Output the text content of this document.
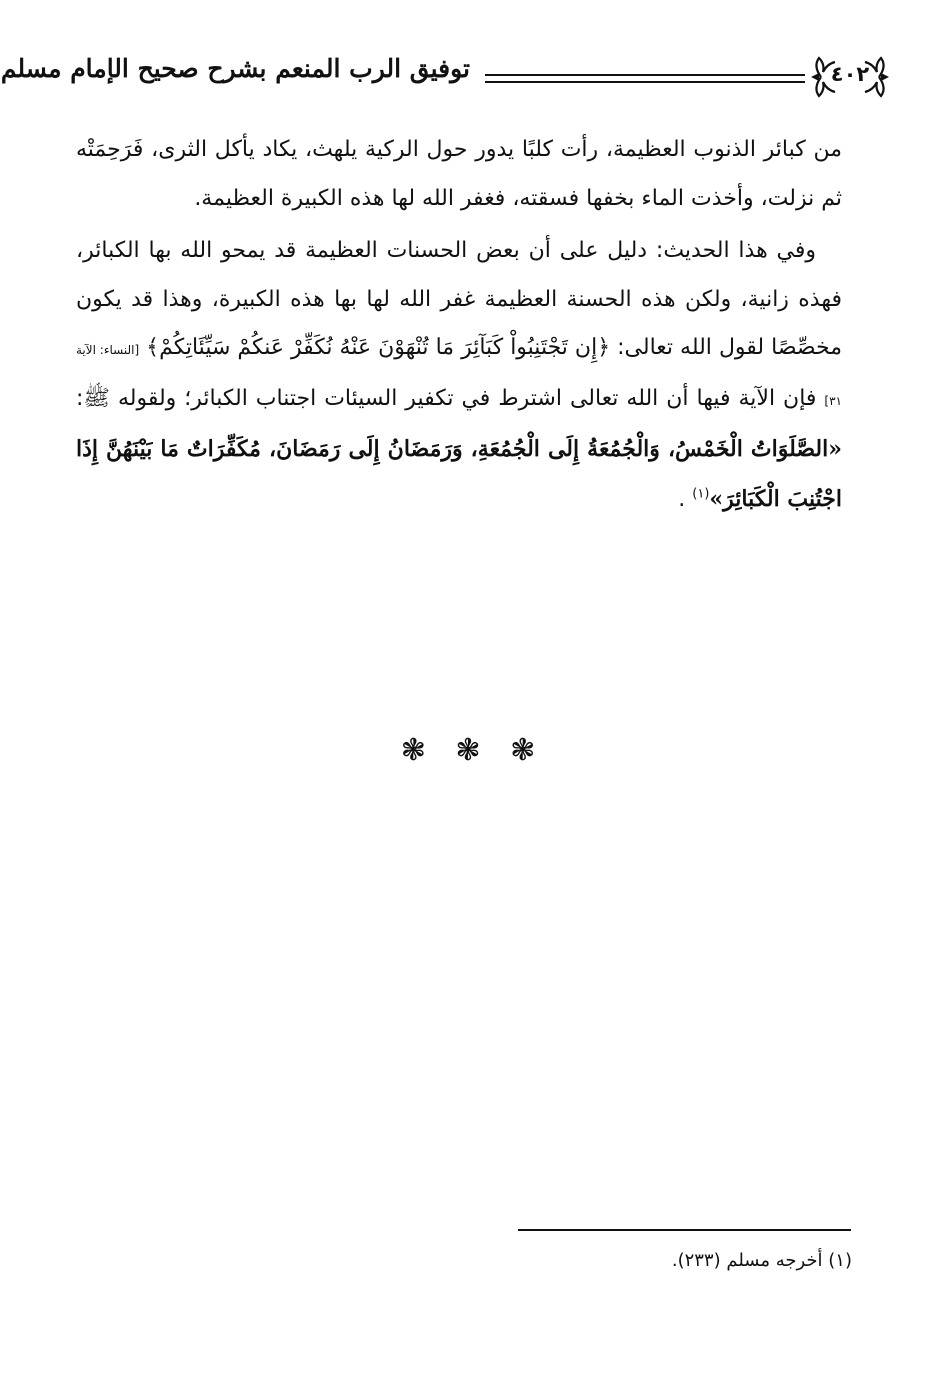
توفيق الرب المنعم بشرح صحيح الإمام مسلم	٤٠٢

من كبائر الذنوب العظيمة، رأت كلبًا يدور حول الركية يلهث، يكاد يأكل الثرى، فَرَحِمَتْه ثم نزلت، وأخذت الماء بخفها فسقته، فغفر الله لها هذه الكبيرة العظيمة.

وفي هذا الحديث: دليل على أن بعض الحسنات العظيمة قد يمحو الله بها الكبائر، فهذه زانية، ولكن هذه الحسنة العظيمة غفر الله لها بها هذه الكبيرة، وهذا قد يكون مخصِّصًا لقول الله تعالى: ﴿إِن تَجْتَنِبُواْ كَبَآئِرَ مَا تُنْهَوْنَ عَنْهُ نُكَفِّرْ عَنكُمْ سَيِّئَاتِكُمْ﴾ [النساء: الآية ٣١] فإن الآية فيها أن الله تعالى اشترط في تكفير السيئات اجتناب الكبائر؛ ولقوله ﷺ: «الصَّلَوَاتُ الْخَمْسُ، وَالْجُمُعَةُ إِلَى الْجُمُعَةِ، وَرَمَضَانُ إِلَى رَمَضَانَ، مُكَفِّرَاتٌ مَا بَيْنَهُنَّ إِذَا اجْتُنِبَ الْكَبَائِرَ»$^{(١)}$ .

❃ ❃ ❃
(١) أخرجه مسلم (٢٣٣).
